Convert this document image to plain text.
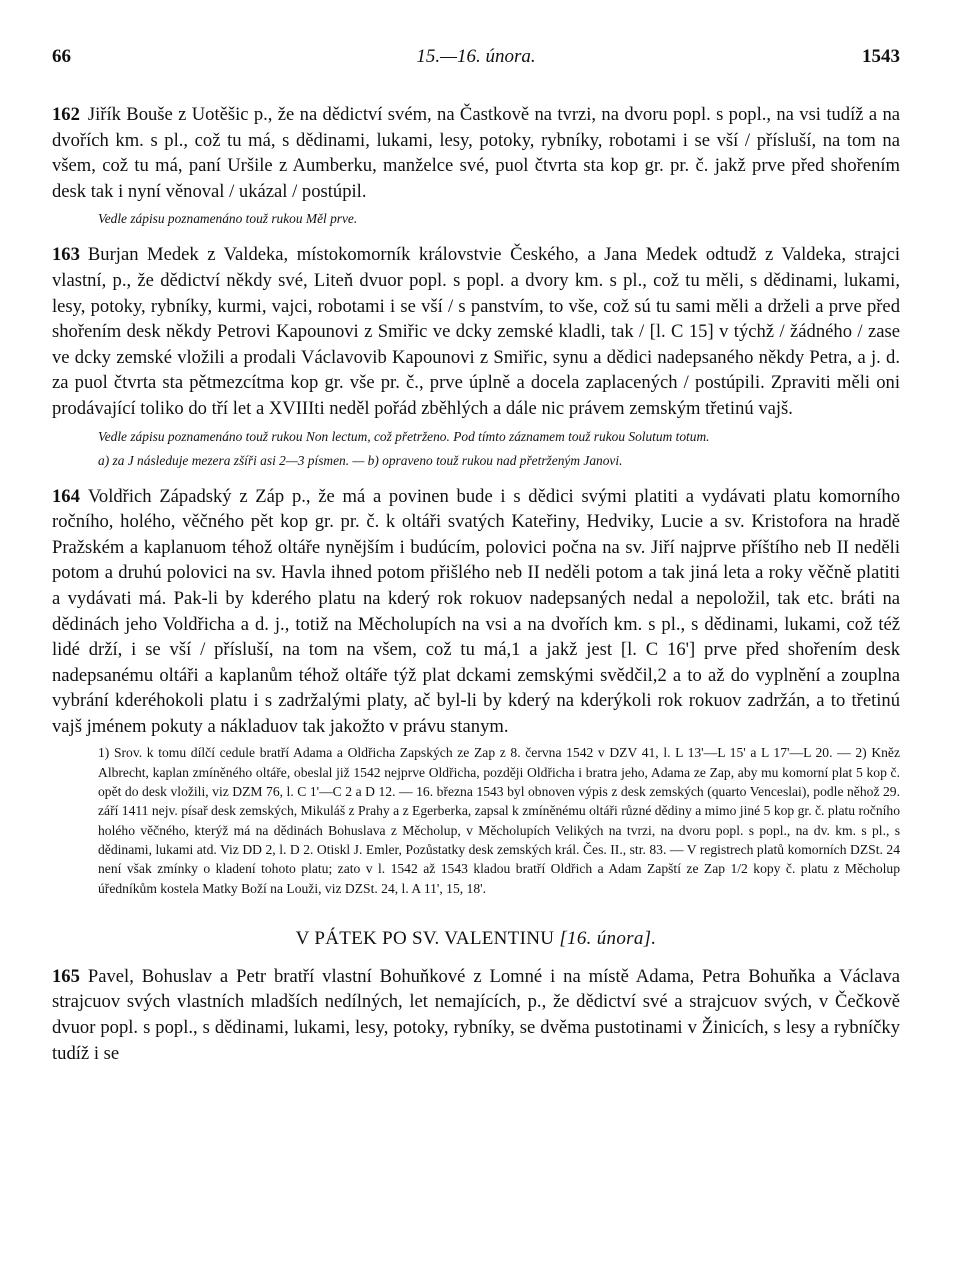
66	15.—16. února.	1543

162 Jiřík Bouše z Uotěšic p., že na dědictví svém, na Častkově na tvrzi, na dvoru popl. s popl., na vsi tudíž a na dvořích km. s pl., což tu má, s dědinami, lukami, lesy, potoky, rybníky, robotami i se vší / přísluší, na tom na všem, což tu má, paní Uršile z Aumberku, manželce své, puol čtvrta sta kop gr. pr. č. jakž prve před shořením desk tak i nyní věnoval / ukázal / postúpil.

Vedle zápisu poznamenáno touž rukou Měl prve.

163 Burjan Medek z Valdeka, místokomorník královstvie Českého, a Jana Medek odtudž z Valdeka, strajci vlastní, p., že dědictví někdy své, Liteň dvuor popl. s popl. a dvory km. s pl., což tu měli, s dědinami, lukami, lesy, potoky, rybníky, kurmi, vajci, robotami i se vší / s panstvím, to vše, což sú tu sami měli a drželi a prve před shořením desk někdy Petrovi Kapounovi z Smiřic ve dcky zemské kladli, tak / [l. C 15] v týchž / žádného / zase ve dcky zemské vložili a prodali Václavovib Kapounovi z Smiřic, synu a dědici nadepsaného někdy Petra, a j. d. za puol čtvrta sta pětmezcítma kop gr. vše pr. č., prve úplně a docela zaplacených / postúpili. Zpraviti měli oni prodávající toliko do tří let a XVIIIti neděl pořád zběhlých a dále nic právem zemským třetinú vajš.

Vedle zápisu poznamenáno touž rukou Non lectum, což přetrženo. Pod tímto záznamem touž rukou Solutum totum.
a) za J následuje mezera zšíři asi 2—3 písmen. — b) opraveno touž rukou nad přetrženým Janovi.

164 Voldřich Západský z Záp p., že má a povinen bude i s dědici svými platiti a vydávati platu komorního ročního, holého, věčného pět kop gr. pr. č. k oltáři svatých Kateřiny, Hedviky, Lucie a sv. Kristofora na hradě Pražském a kaplanuom téhož oltáře nynějším i budúcím, polovici počna na sv. Jiří najprve příštího neb II neděli potom a druhú polovici na sv. Havla ihned potom přišlého neb II neděli potom a tak jiná leta a roky věčně platiti a vydávati má. Pak-li by kderého platu na kderý rok rokuov nadepsaných nedal a nepoložil, tak etc. bráti na dědinách jeho Voldřicha a d. j., totiž na Měcholupích na vsi a na dvořích km. s pl., s dědinami, lukami, což též lidé drží, i se vší / přísluší, na tom na všem, což tu má,1 a jakž jest [l. C 16'] prve před shořením desk nadepsanému oltáři a kaplanům téhož oltáře týž plat dckami zemskými svědčil,2 a to až do vyplnění a zouplna vybrání kderéhokoli platu i s zadržalými platy, ač byl-li by kderý na kderýkoli rok rokuov zadržán, a to třetinú vajš jménem pokuty a nákladuov tak jakožto v právu stanym.

1) Srov. k tomu dílčí cedule bratří Adama a Oldřicha Zapských ze Zap z 8. června 1542 v DZV 41, l. L 13'—L 15' a L 17'—L 20. — 2) Kněz Albrecht, kaplan zmíněného oltáře, obeslal již 1542 nejprve Oldřicha, později Oldřicha i bratra jeho, Adama ze Zap, aby mu komorní plat 5 kop č. opět do desk vložili, viz DZM 76, l. C 1'—C 2 a D 12. — 16. března 1543 byl obnoven výpis z desk zemských (quarto Venceslai), podle něhož 29. září 1411 nejv. písař desk zemských, Mikuláš z Prahy a z Egerberka, zapsal k zmíněnému oltáři různé dědiny a mimo jiné 5 kop gr. č. platu ročního holého věčného, kterýž má na dědinách Bohuslava z Měcholup, v Měcholupích Velikých na tvrzi, na dvoru popl. s popl., na dv. km. s pl., s dědinami, lukami atd. Viz DD 2, l. D 2. Otiskl J. Emler, Pozůstatky desk zemských král. Čes. II., str. 83. — V registrech platů komorních DZSt. 24 není však zmínky o kladení tohoto platu; zato v l. 1542 až 1543 kladou bratří Oldřich a Adam Zapští ze Zap 1/2 kopy č. platu z Měcholup úředníkům kostela Matky Boží na Louži, viz DZSt. 24, l. A 11', 15, 18'.
V PÁTEK PO SV. VALENTINU [16. února].

165 Pavel, Bohuslav a Petr bratří vlastní Bohuňkové z Lomné i na místě Adama, Petra Bohuňka a Václava strajcuov svých vlastních mladších nedílných, let nemajících, p., že dědictví své a strajcuov svých, v Čečkově dvuor popl. s popl., s dědinami, lukami, lesy, potoky, rybníky, se dvěma pustotinami v Žinicích, s lesy a rybníčky tudíž i se
